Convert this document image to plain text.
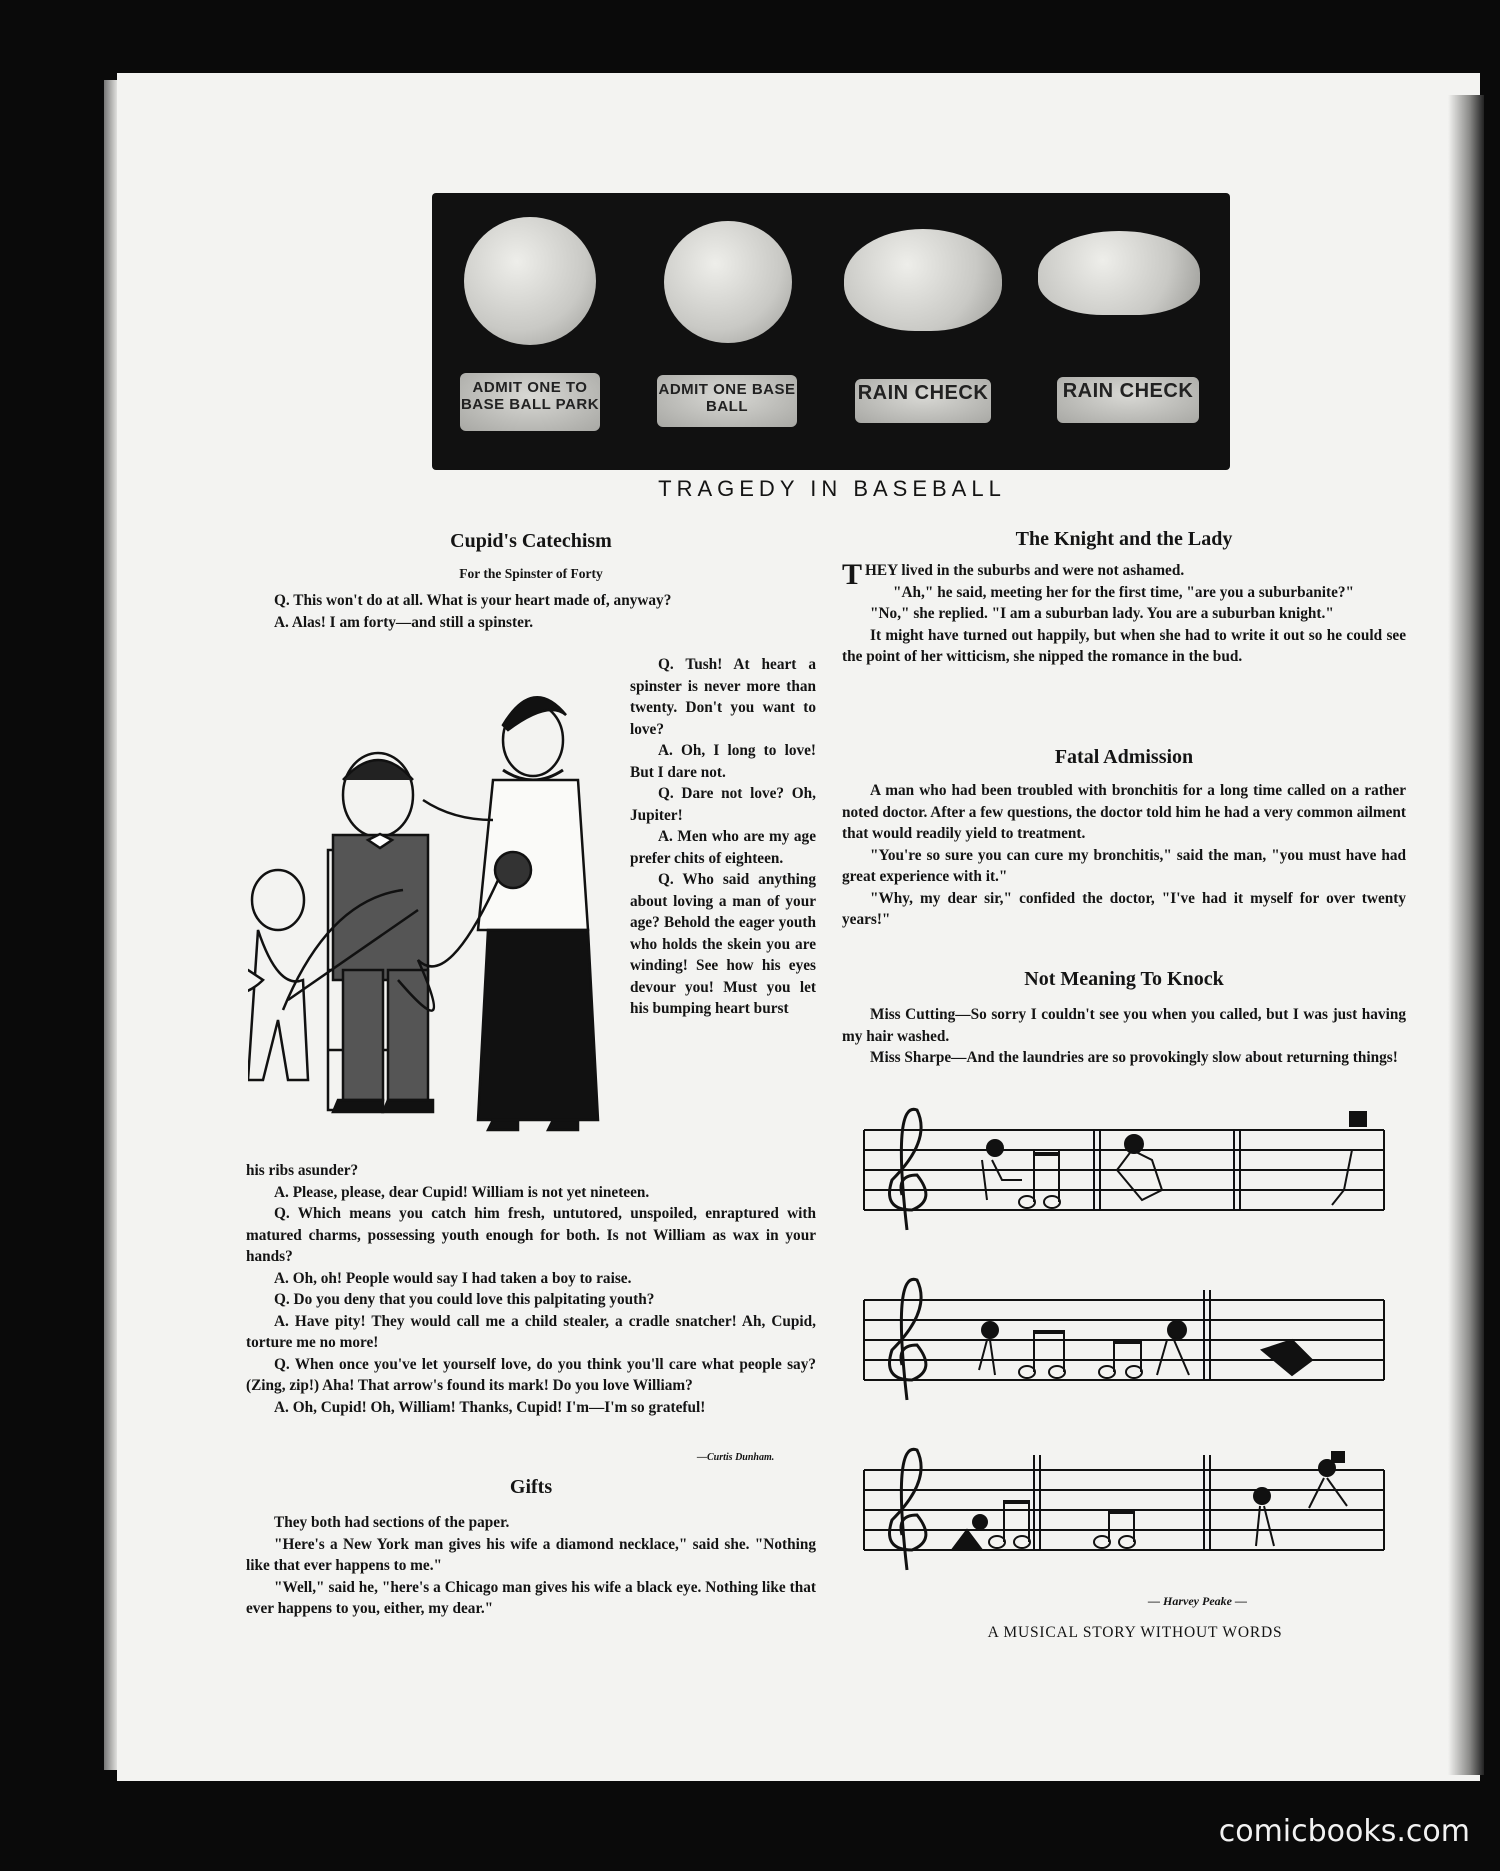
ADMIT ONE TO BASE BALL PARK
ADMIT ONE BASE BALL
RAIN CHECK	RAIN CHECK
TRAGEDY IN BASEBALL
Cupid's Catechism
For the Spinster of Forty

Q. This won't do at all. What is your heart made of, anyway?

A. Alas! I am forty—and still a spinster.

Q. Tush! At heart a spinster is never more than twenty. Don't you want to love?

A. Oh, I long to love! But I dare not.

Q. Dare not love? Oh, Jupiter!

A. Men who are my age prefer chits of eighteen.

Q. Who said anything about loving a man of your age? Behold the eager youth who holds the skein you are winding! See how his eyes devour you! Must you let his bumping heart burst

his ribs asunder?

A. Please, please, dear Cupid! William is not yet nineteen.

Q. Which means you catch him fresh, untutored, unspoiled, enraptured with matured charms, possessing youth enough for both. Is not William as wax in your hands?

A. Oh, oh! People would say I had taken a boy to raise.

Q. Do you deny that you could love this palpitating youth?

A. Have pity! They would call me a child stealer, a cradle snatcher! Ah, Cupid, torture me no more!

Q. When once you've let yourself love, do you think you'll care what people say? (Zing, zip!) Aha! That arrow's found its mark! Do you love William?

A. Oh, Cupid! Oh, William! Thanks, Cupid! I'm—I'm so grateful!

—Curtis Dunham.
Gifts

They both had sections of the paper.

"Here's a New York man gives his wife a diamond necklace," said she. "Nothing like that ever happens to me."

"Well," said he, "here's a Chicago man gives his wife a black eye. Nothing like that ever happens to you, either, my dear."

The Knight and the Lady

THEY lived in the suburbs and were not ashamed.

"Ah," he said, meeting her for the first time, "are you a suburbanite?"

"No," she replied. "I am a suburban lady. You are a suburban knight."

It might have turned out happily, but when she had to write it out so he could see the point of her witticism, she nipped the romance in the bud.

Fatal Admission

A man who had been troubled with bronchitis for a long time called on a rather noted doctor. After a few questions, the doctor told him he had a very common ailment that would readily yield to treatment.

"You're so sure you can cure my bronchitis," said the man, "you must have had great experience with it."

"Why, my dear sir," confided the doctor, "I've had it myself for over twenty years!"

Not Meaning To Knock

Miss Cutting—So sorry I couldn't see you when you called, but I was just having my hair washed.

Miss Sharpe—And the laundries are so provokingly slow about returning things!

— Harvey Peake —
A MUSICAL STORY WITHOUT WORDS
comicbooks.com
